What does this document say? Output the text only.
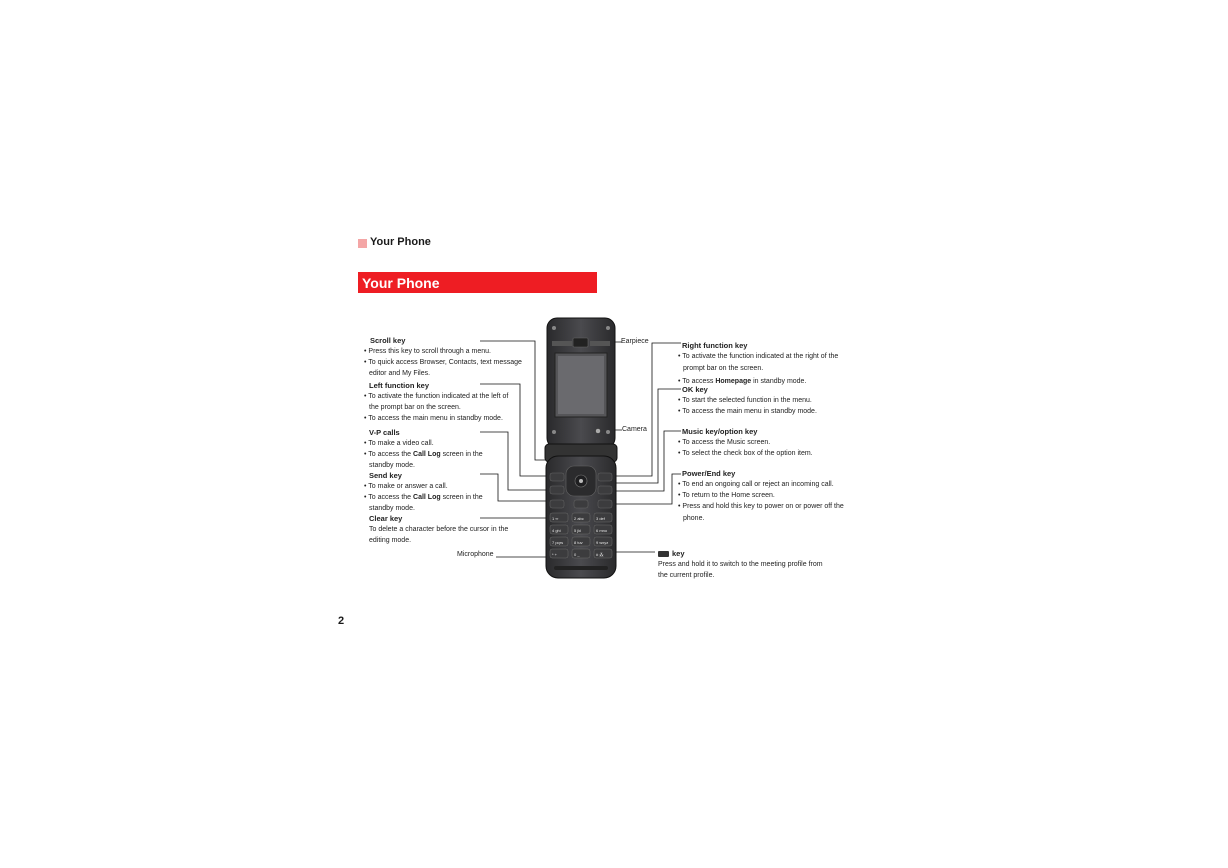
Your Phone
Your Phone
1 ∞	2 abc	3 def
4 ghi	5 jkl	6 mno
7 pqrs	8 tuv	9 wxyz
* +	0 _	# ⁂
Scroll key
• Press this key to scroll through a menu.
• To quick access Browser, Contacts, text message
editor and My Files.
Left function key
• To activate the function indicated at the left of
the prompt bar on the screen.
• To access the main menu in standby mode.
V-P calls
• To make a video call.
• To access the Call Log screen in the
standby mode.
Send key
• To make or answer a call.
• To access the Call Log screen in the
standby mode.
Clear key
To delete a character before the cursor in the
editing mode.
Earpiece
Camera
Microphone
Right function key
• To activate the function indicated at the right of the
prompt bar on the screen.
• To access Homepage in standby mode.
OK key
• To start the selected function in the menu.
• To access the main menu in standby mode.
Music key/option key
• To access the Music screen.
• To select the check box of the option item.
Power/End key
• To end an ongoing call or reject an incoming call.
• To return to the Home screen.
• Press and hold this key to power on or power off the
phone.
key
Press and hold it to switch to the meeting profile from
the current profile.
2
